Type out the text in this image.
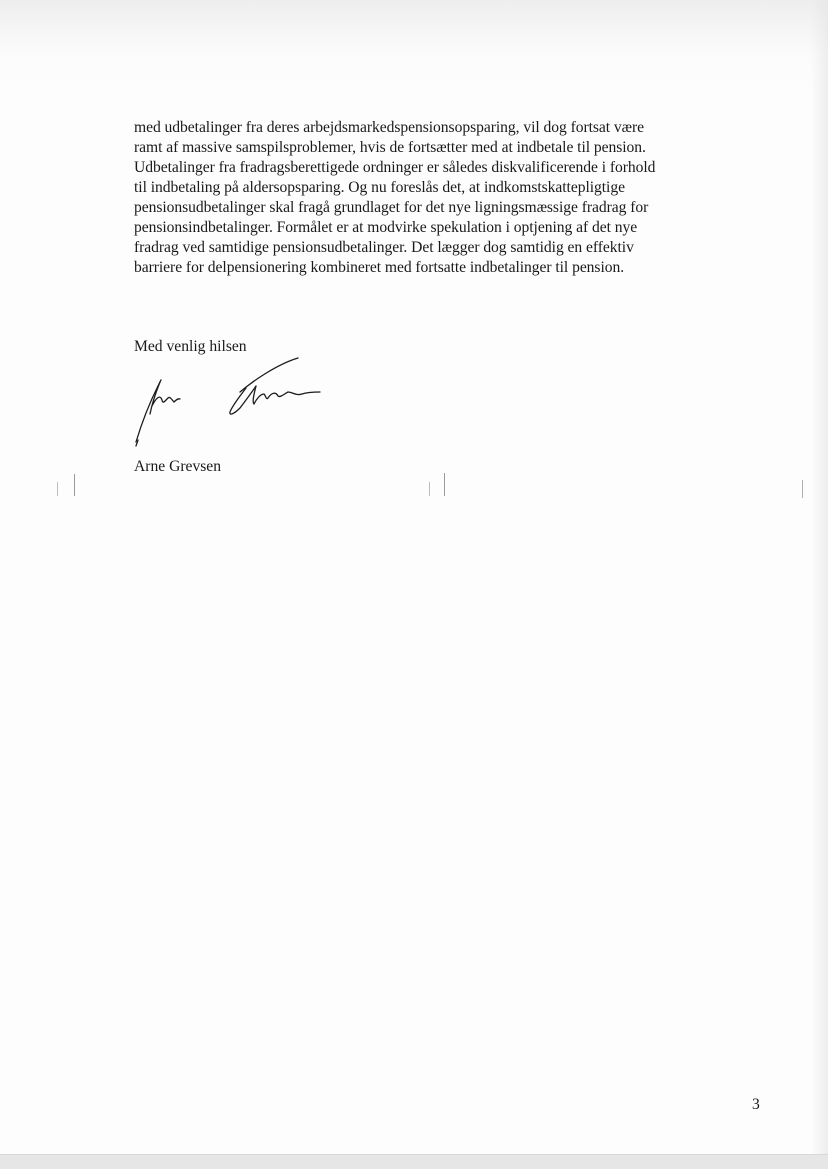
med udbetalinger fra deres arbejdsmarkedspensionsopsparing, vil dog fortsat være
ramt af massive samspilsproblemer, hvis de fortsætter med at indbetale til pension.
Udbetalinger fra fradragsberettigede ordninger er således diskvalificerende i forhold
til indbetaling på aldersopsparing. Og nu foreslås det, at indkomstskattepligtige
pensionsudbetalinger skal fragå grundlaget for det nye ligningsmæssige fradrag for
pensionsindbetalinger. Formålet er at modvirke spekulation i optjening af det nye
fradrag ved samtidige pensionsudbetalinger. Det lægger dog samtidig en effektiv
barriere for delpensionering kombineret med fortsatte indbetalinger til pension.

Med venlig hilsen

Arne Grevsen

3
